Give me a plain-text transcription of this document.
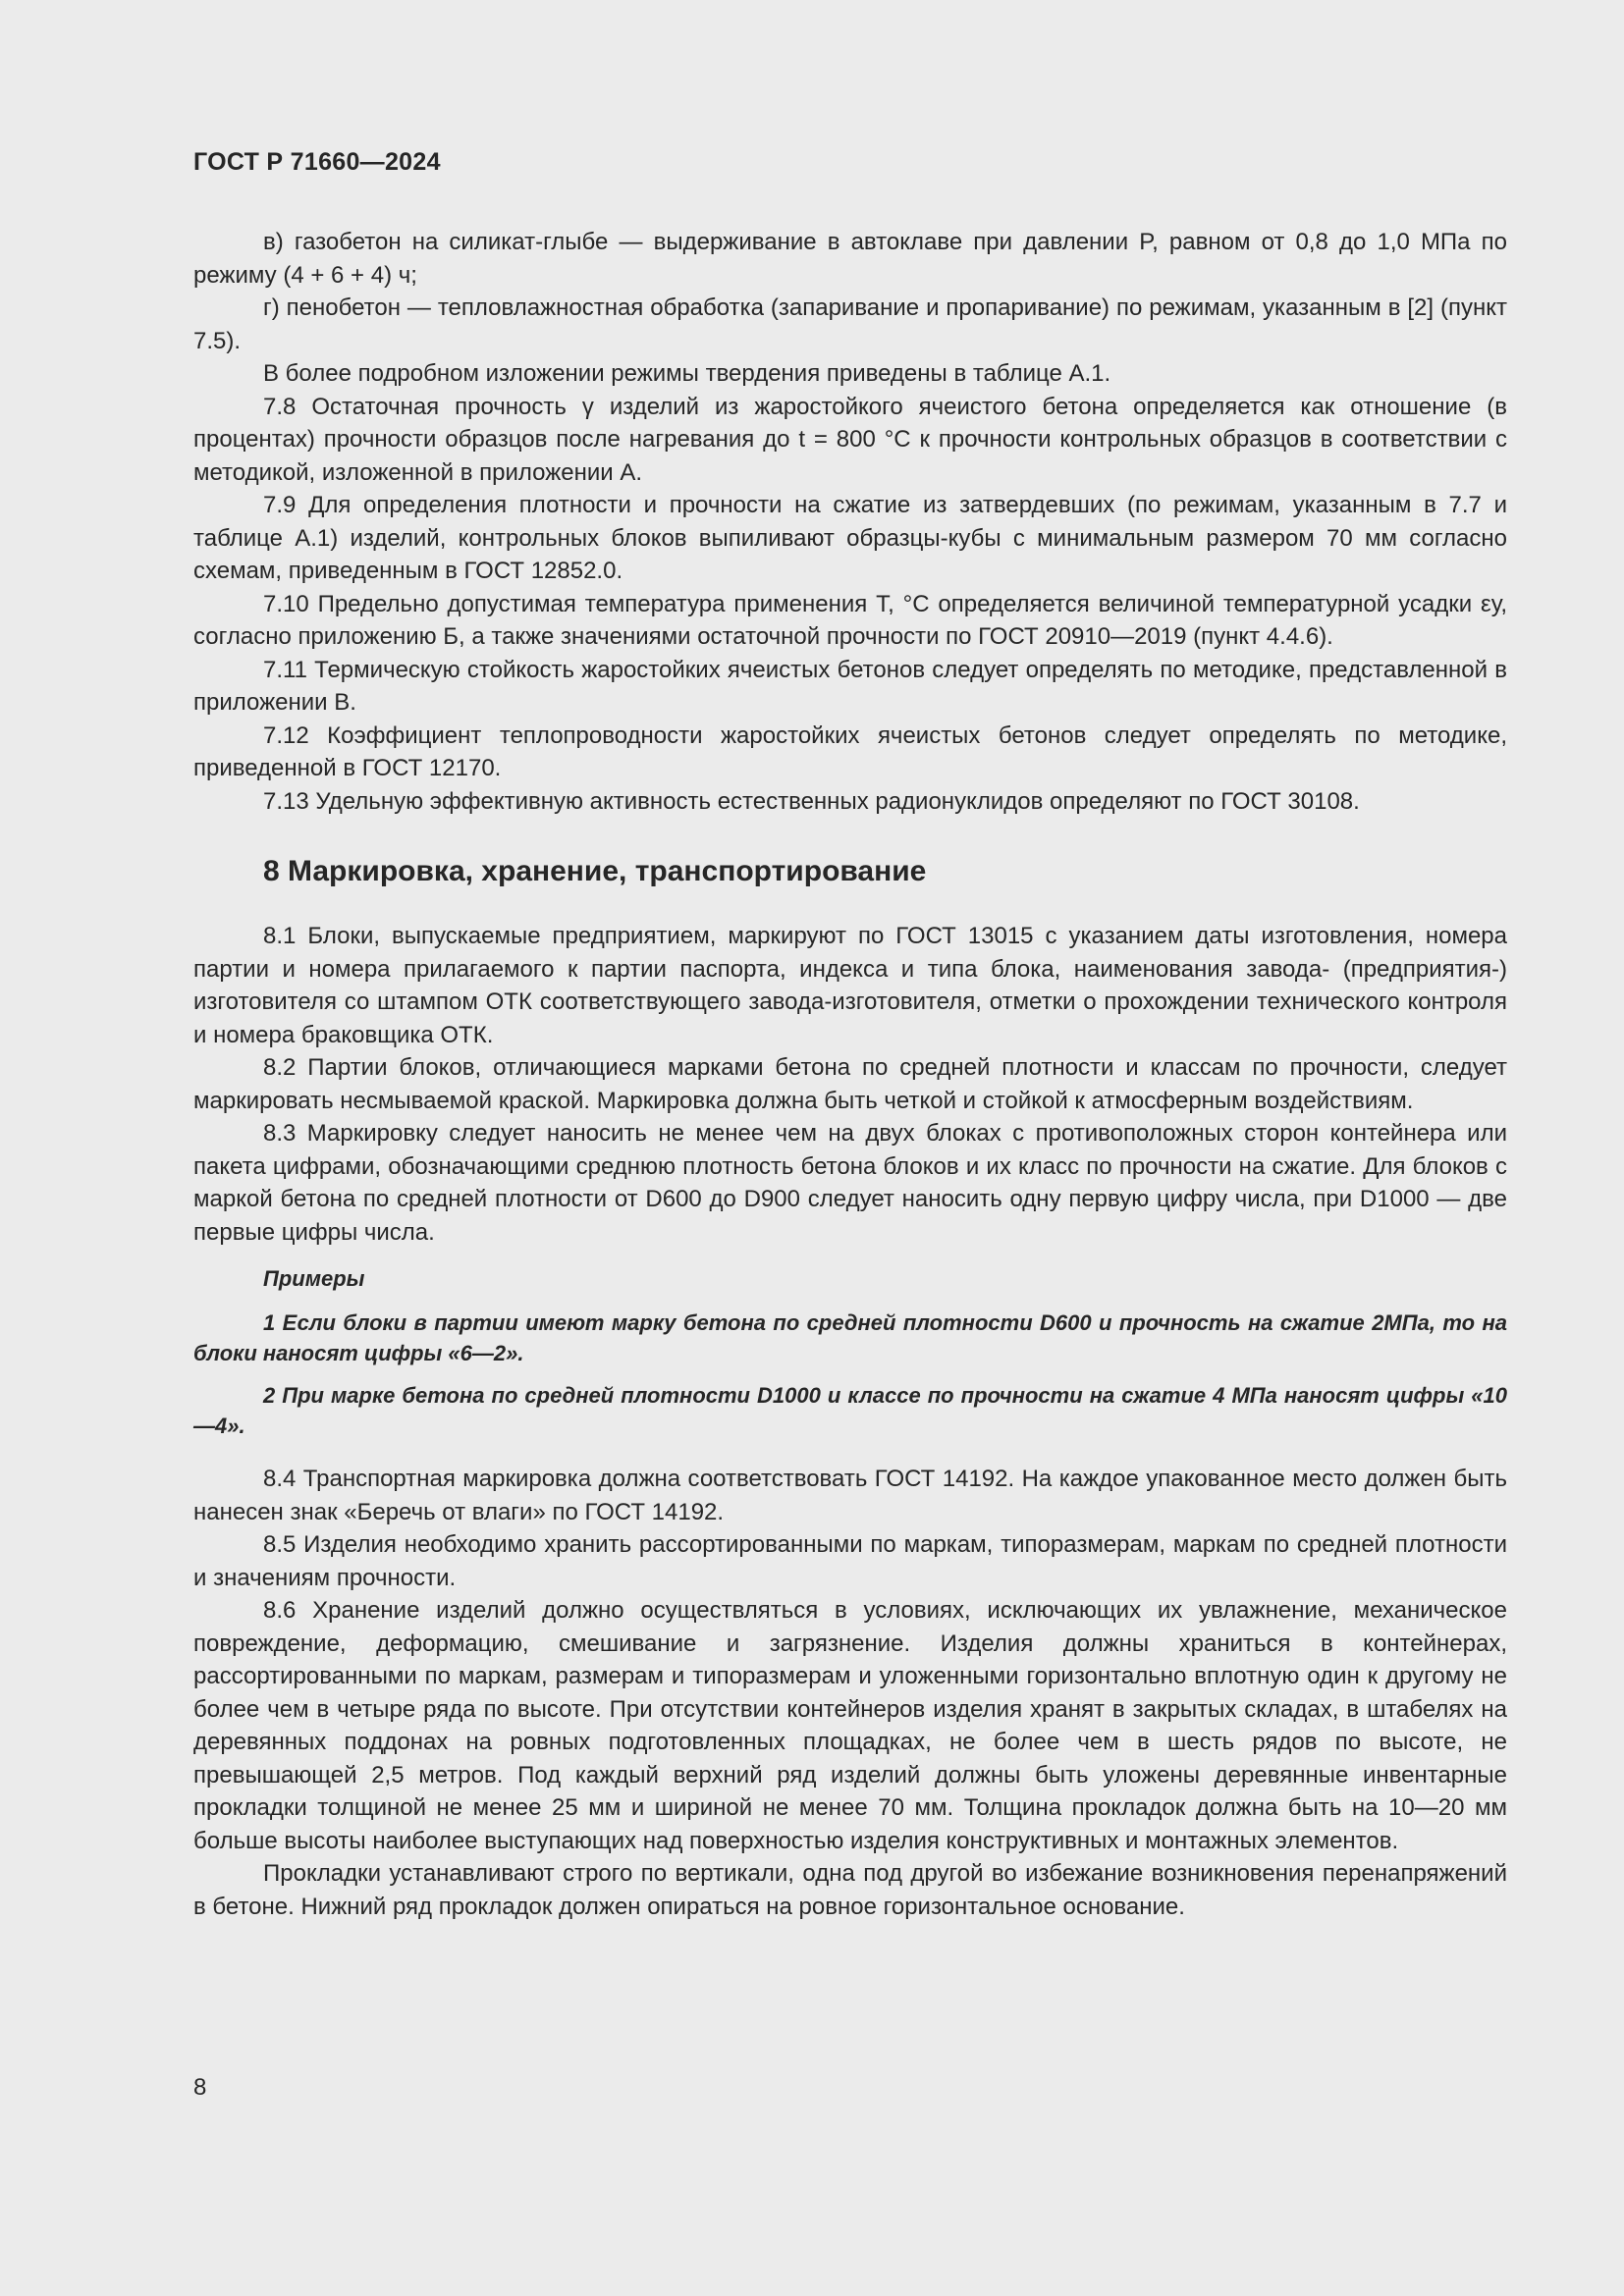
ГОСТ Р 71660—2024

в) газобетон на силикат-глыбе — выдерживание в автоклаве при давлении P, равном от 0,8 до 1,0 МПа по режиму (4 + 6 + 4) ч;

г) пенобетон — тепловлажностная обработка (запаривание и пропаривание) по режимам, указанным в [2] (пункт 7.5).

В более подробном изложении режимы твердения приведены в таблице А.1.

7.8 Остаточная прочность γ изделий из жаростойкого ячеистого бетона определяется как отношение (в процентах) прочности образцов после нагревания до t = 800 °С к прочности контрольных образцов в соответствии с методикой, изложенной в приложении А.

7.9 Для определения плотности и прочности на сжатие из затвердевших (по режимам, указанным в 7.7 и таблице А.1) изделий, контрольных блоков выпиливают образцы-кубы с минимальным размером 70 мм согласно схемам, приведенным в ГОСТ 12852.0.

7.10 Предельно допустимая температура применения T, °С определяется величиной температурной усадки εу, согласно приложению Б, а также значениями остаточной прочности по ГОСТ 20910—2019 (пункт 4.4.6).

7.11 Термическую стойкость жаростойких ячеистых бетонов следует определять по методике, представленной в приложении В.

7.12 Коэффициент теплопроводности жаростойких ячеистых бетонов следует определять по методике, приведенной в ГОСТ 12170.

7.13 Удельную эффективную активность естественных радионуклидов определяют по ГОСТ 30108.

8 Маркировка, хранение, транспортирование

8.1 Блоки, выпускаемые предприятием, маркируют по ГОСТ 13015 с указанием даты изготовления, номера партии и номера прилагаемого к партии паспорта, индекса и типа блока, наименования завода- (предприятия-) изготовителя со штампом ОТК соответствующего завода-изготовителя, отметки о прохождении технического контроля и номера браковщика ОТК.

8.2 Партии блоков, отличающиеся марками бетона по средней плотности и классам по прочности, следует маркировать несмываемой краской. Маркировка должна быть четкой и стойкой к атмосферным воздействиям.

8.3 Маркировку следует наносить не менее чем на двух блоках с противоположных сторон контейнера или пакета цифрами, обозначающими среднюю плотность бетона блоков и их класс по прочности на сжатие. Для блоков с маркой бетона по средней плотности от D600 до D900 следует наносить одну первую цифру числа, при D1000 — две первые цифры числа.

Примеры

1 Если блоки в партии имеют марку бетона по средней плотности D600 и прочность на сжатие 2МПа, то на блоки наносят цифры «6—2».

2 При марке бетона по средней плотности D1000 и классе по прочности на сжатие 4 МПа наносят цифры «10—4».

8.4 Транспортная маркировка должна соответствовать ГОСТ 14192. На каждое упакованное место должен быть нанесен знак «Беречь от влаги» по ГОСТ 14192.

8.5 Изделия необходимо хранить рассортированными по маркам, типоразмерам, маркам по средней плотности и значениям прочности.

8.6 Хранение изделий должно осуществляться в условиях, исключающих их увлажнение, механическое повреждение, деформацию, смешивание и загрязнение. Изделия должны храниться в контейнерах, рассортированными по маркам, размерам и типоразмерам и уложенными горизонтально вплотную один к другому не более чем в четыре ряда по высоте. При отсутствии контейнеров изделия хранят в закрытых складах, в штабелях на деревянных поддонах на ровных подготовленных площадках, не более чем в шесть рядов по высоте, не превышающей 2,5 метров. Под каждый верхний ряд изделий должны быть уложены деревянные инвентарные прокладки толщиной не менее 25 мм и шириной не менее 70 мм. Толщина прокладок должна быть на 10—20 мм больше высоты наиболее выступающих над поверхностью изделия конструктивных и монтажных элементов.

Прокладки устанавливают строго по вертикали, одна под другой во избежание возникновения перенапряжений в бетоне. Нижний ряд прокладок должен опираться на ровное горизонтальное основание.

8
